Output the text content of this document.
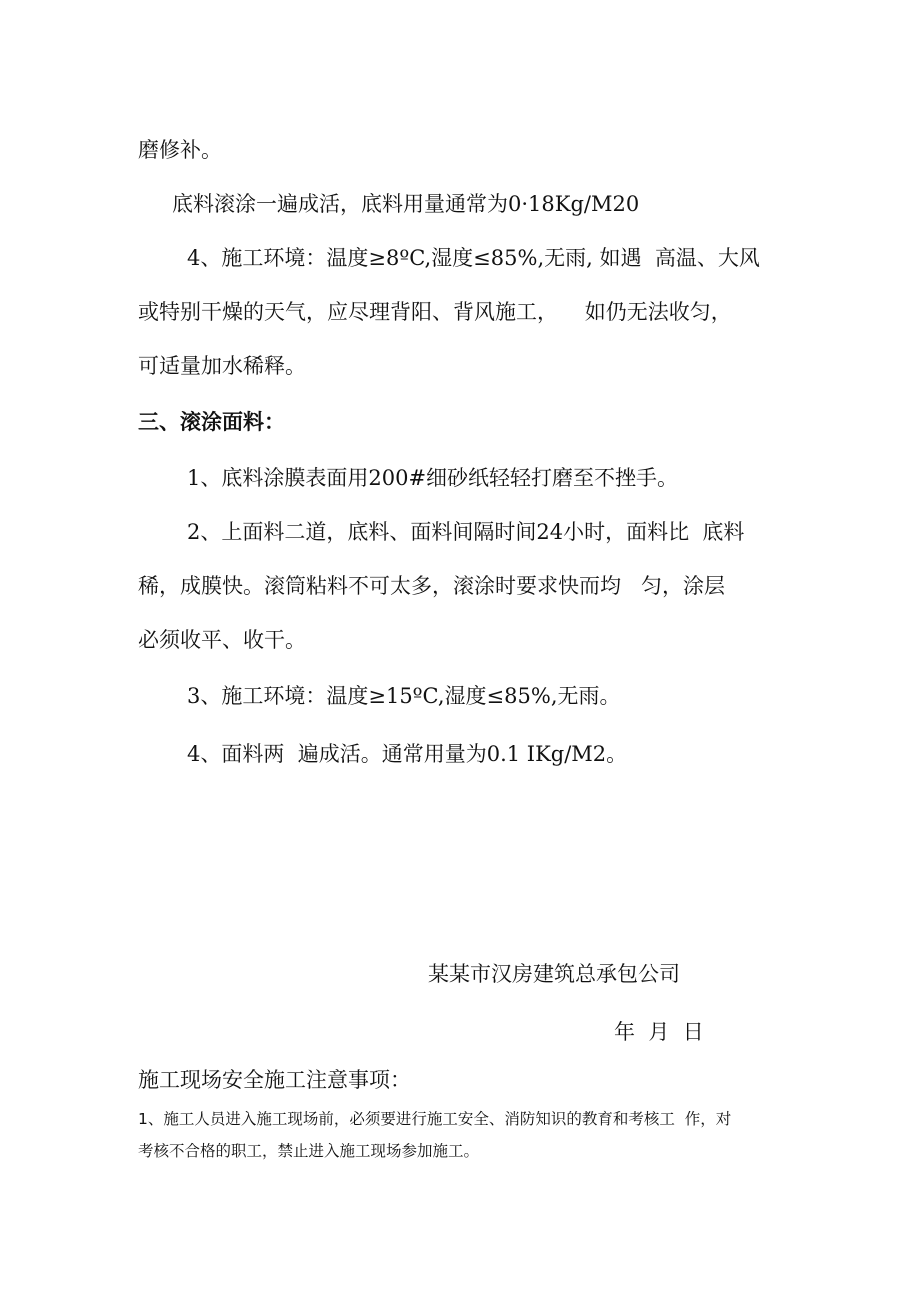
磨修补。
底料滚涂一遍成活，底料用量通常为0·18Kg/M20
4、施工环境：温度≥8ºC,湿度≤85%,无雨, 如遇  高温、大风
或特别干燥的天气，应尽理背阳、背风施工，    如仍无法收匀，
可适量加水稀释。
三、滚涂面料：
1、底料涂膜表面用200#细砂纸轻轻打磨至不挫手。
2、上面料二道，底料、面料间隔时间24小时，面料比  底料
稀，成膜快。滚筒粘料不可太多，滚涂时要求快而均   匀，涂层
必须收平、收干。
3、施工环境：温度≥15ºC,湿度≤85%,无雨。
4、面料两  遍成活。通常用量为0.1 IKg/M2。
某某市汉房建筑总承包公司
年  月  日
施工现场安全施工注意事项：
1、施工人员进入施工现场前，必须要进行施工安全、消防知识的教育和考核工  作，对
考核不合格的职工，禁止进入施工现场参加施工。
